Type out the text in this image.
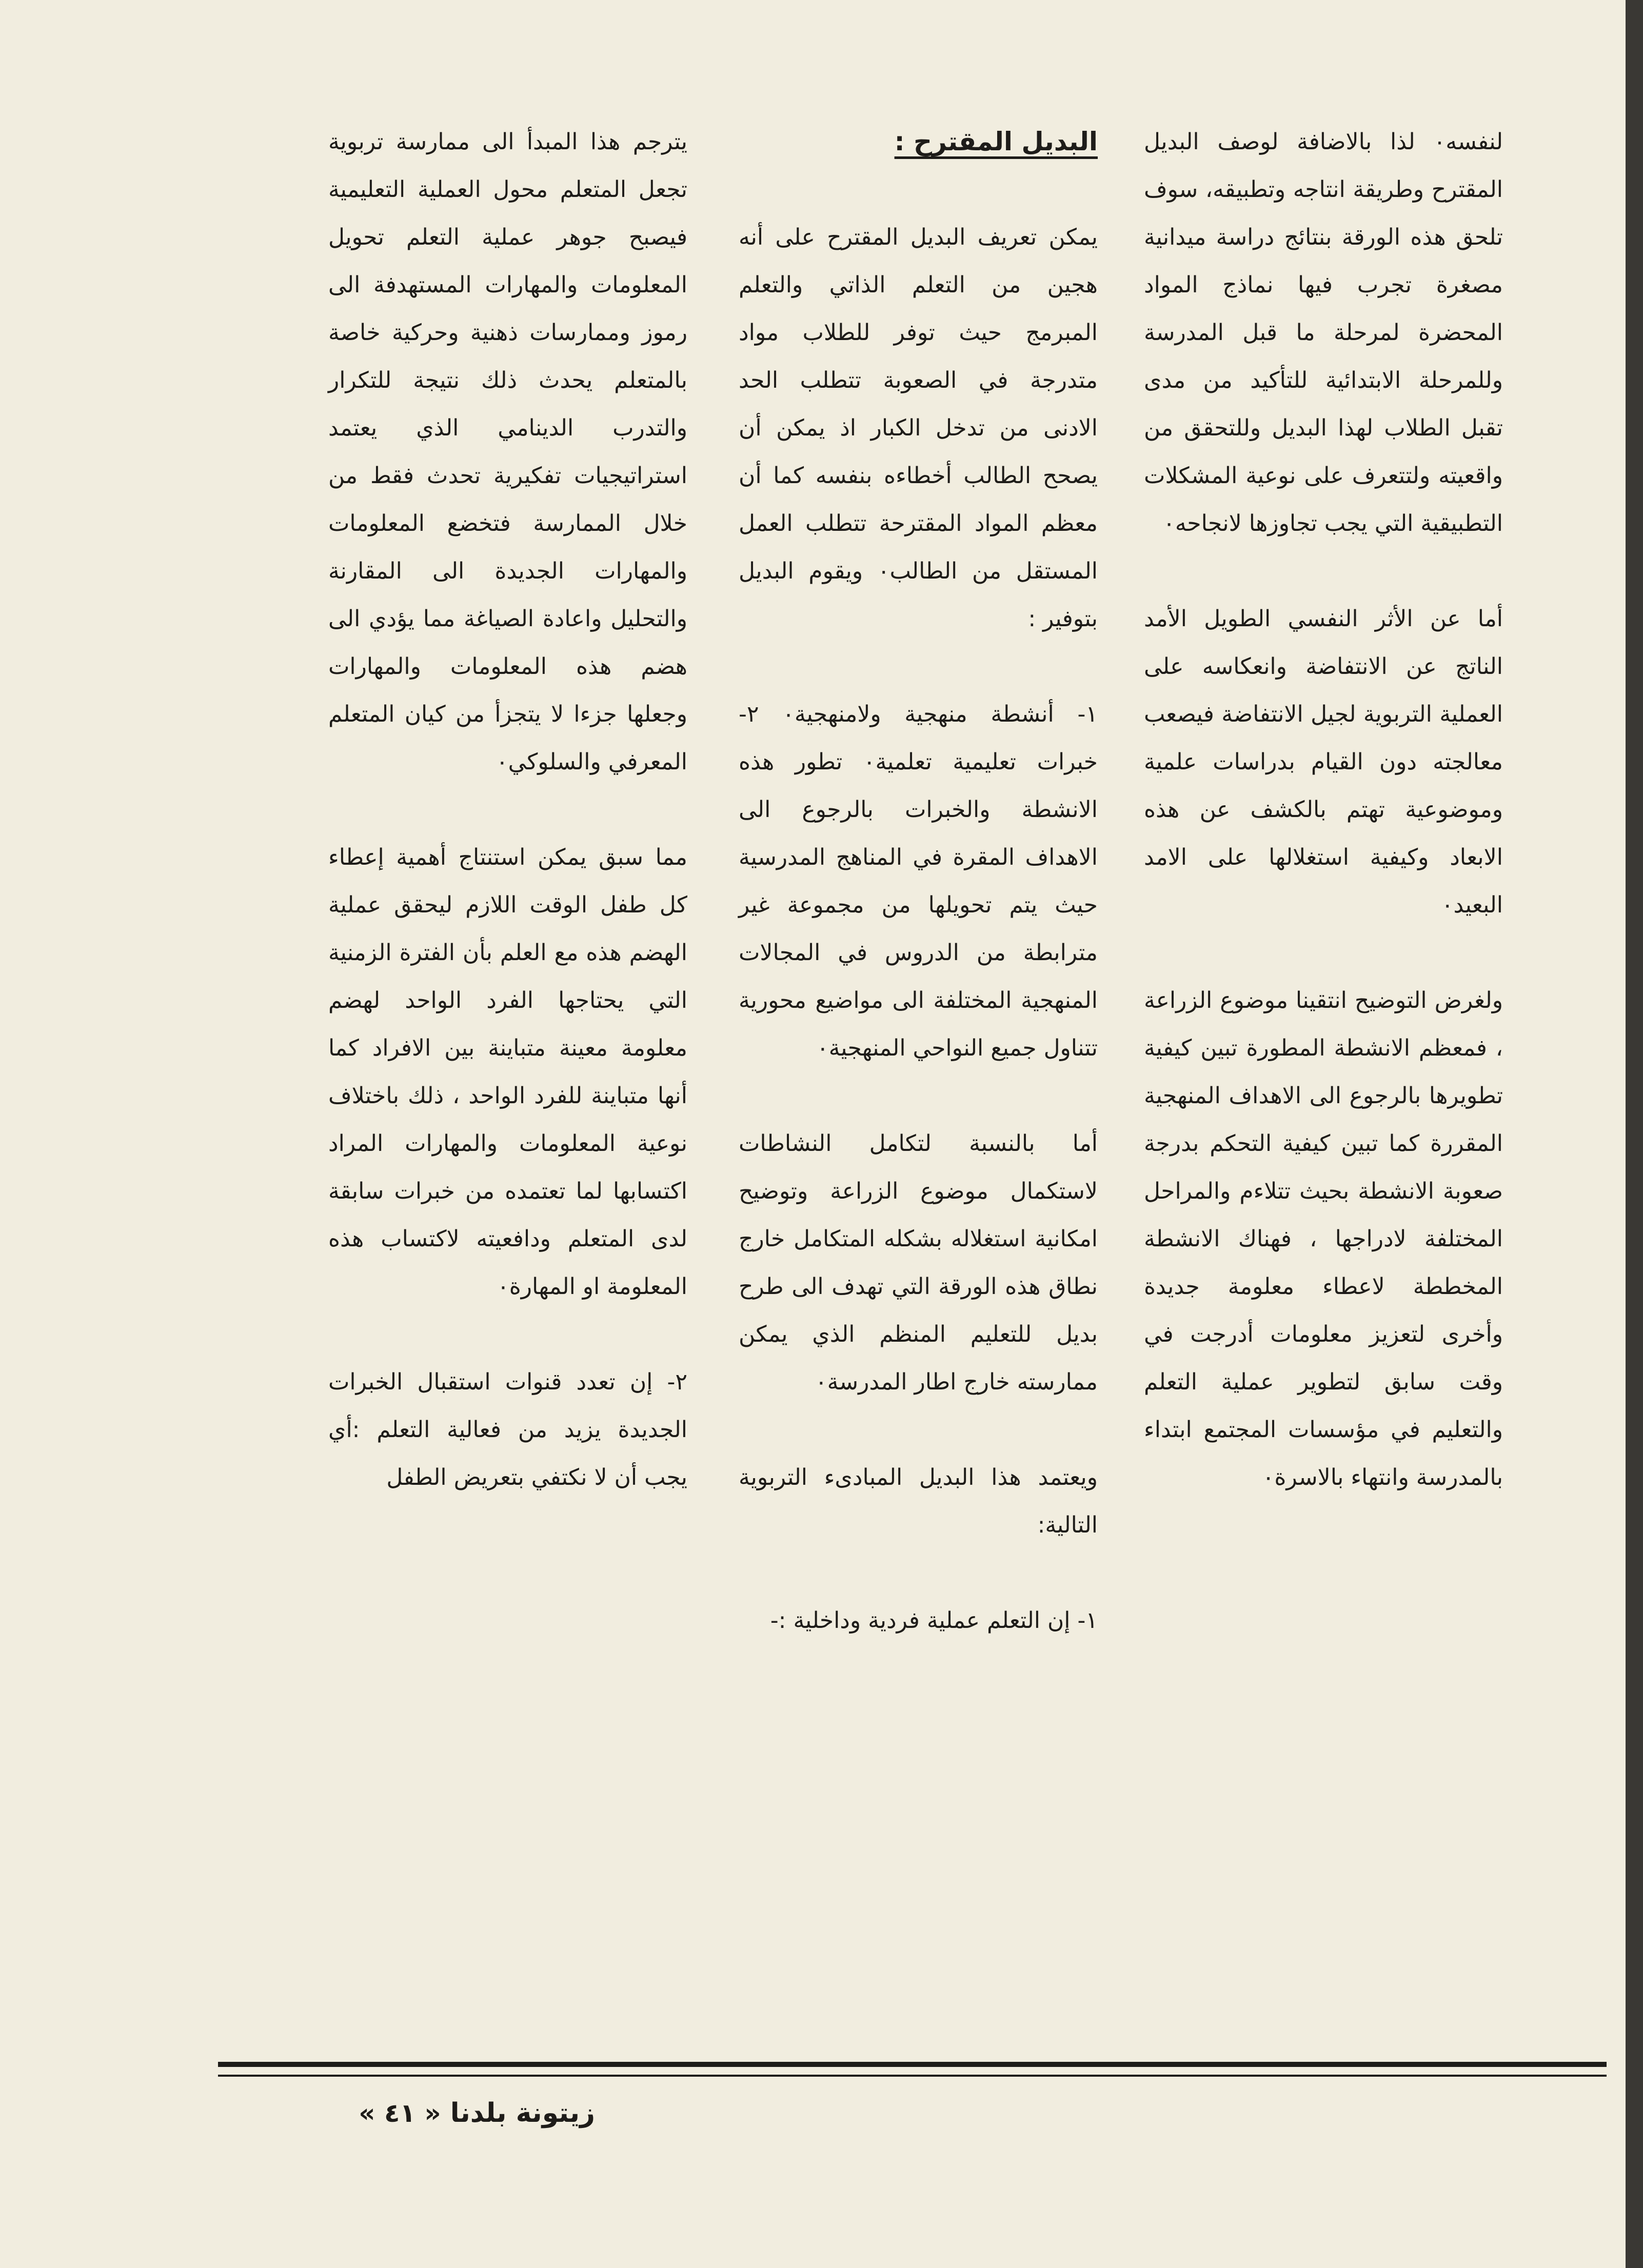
لنفسه٠ لذا بالاضافة لوصف البديل المقترح وطريقة انتاجه وتطبيقه، سوف تلحق هذه الورقة بنتائج دراسة ميدانية مصغرة تجرب فيها نماذج المواد المحضرة لمرحلة ما قبل المدرسة وللمرحلة الابتدائية للتأكيد من مدى تقبل الطلاب لهذا البديل وللتحقق من واقعيته ولتتعرف على نوعية المشكلات التطبيقية التي يجب تجاوزها لانجاحه٠

أما عن الأثر النفسي الطويل الأمد الناتج عن الانتفاضة وانعكاسه على العملية التربوية لجيل الانتفاضة فيصعب معالجته دون القيام بدراسات علمية وموضوعية تهتم بالكشف عن هذه الابعاد وكيفية استغلالها على الامد البعيد٠

ولغرض التوضيح انتقينا موضوع الزراعة ، فمعظم الانشطة المطورة تبين كيفية تطويرها بالرجوع الى الاهداف المنهجية المقررة كما تبين كيفية التحكم بدرجة صعوبة الانشطة بحيث تتلاءم والمراحل المختلفة لادراجها ، فهناك الانشطة المخططة لاعطاء معلومة جديدة وأخرى لتعزيز معلومات أدرجت في وقت سابق لتطوير عملية التعلم والتعليم في مؤسسات المجتمع ابتداء بالمدرسة وانتهاء بالاسرة٠

البديل المقترح :

يمكن تعريف البديل المقترح على أنه هجين من التعلم الذاتي والتعلم المبرمج حيث توفر للطلاب مواد متدرجة في الصعوبة تتطلب الحد الادنى من تدخل الكبار اذ يمكن أن يصحح الطالب أخطاءه بنفسه كما أن معظم المواد المقترحة تتطلب العمل المستقل من الطالب٠ ويقوم البديل بتوفير :

١- أنشطة منهجية ولامنهجية٠ ٢- خبرات تعليمية تعلمية٠ تطور هذه الانشطة والخبرات بالرجوع الى الاهداف المقرة في المناهج المدرسية حيث يتم تحويلها من مجموعة غير مترابطة من الدروس في المجالات المنهجية المختلفة الى مواضيع محورية تتناول جميع النواحي المنهجية٠

أما بالنسبة لتكامل النشاطات لاستكمال موضوع الزراعة وتوضيح امكانية استغلاله بشكله المتكامل خارج نطاق هذه الورقة التي تهدف الى طرح بديل للتعليم المنظم الذي يمكن ممارسته خارج اطار المدرسة٠

ويعتمد هذا البديل المبادىء التربوية التالية:

١- إن التعلم عملية فردية وداخلية :-

يترجم هذا المبدأ الى ممارسة تربوية تجعل المتعلم محول العملية التعليمية فيصبح جوهر عملية التعلم تحويل المعلومات والمهارات المستهدفة الى رموز وممارسات ذهنية وحركية خاصة بالمتعلم يحدث ذلك نتيجة للتكرار والتدرب الدينامي الذي يعتمد استراتيجيات تفكيرية تحدث فقط من خلال الممارسة فتخضع المعلومات والمهارات الجديدة الى المقارنة والتحليل واعادة الصياغة مما يؤدي الى هضم هذه المعلومات والمهارات وجعلها جزءا لا يتجزأ من كيان المتعلم المعرفي والسلوكي٠

مما سبق يمكن استنتاج أهمية إعطاء كل طفل الوقت اللازم ليحقق عملية الهضم هذه مع العلم بأن الفترة الزمنية التي يحتاجها الفرد الواحد لهضم معلومة معينة متباينة بين الافراد كما أنها متباينة للفرد الواحد ، ذلك باختلاف نوعية المعلومات والمهارات المراد اكتسابها لما تعتمده من خبرات سابقة لدى المتعلم ودافعيته لاكتساب هذه المعلومة او المهارة٠

٢- إن تعدد قنوات استقبال الخبرات الجديدة يزيد من فعالية التعلم :أي يجب أن لا نكتفي بتعريض الطفل

زيتونة بلدنا
« ٤١ »
